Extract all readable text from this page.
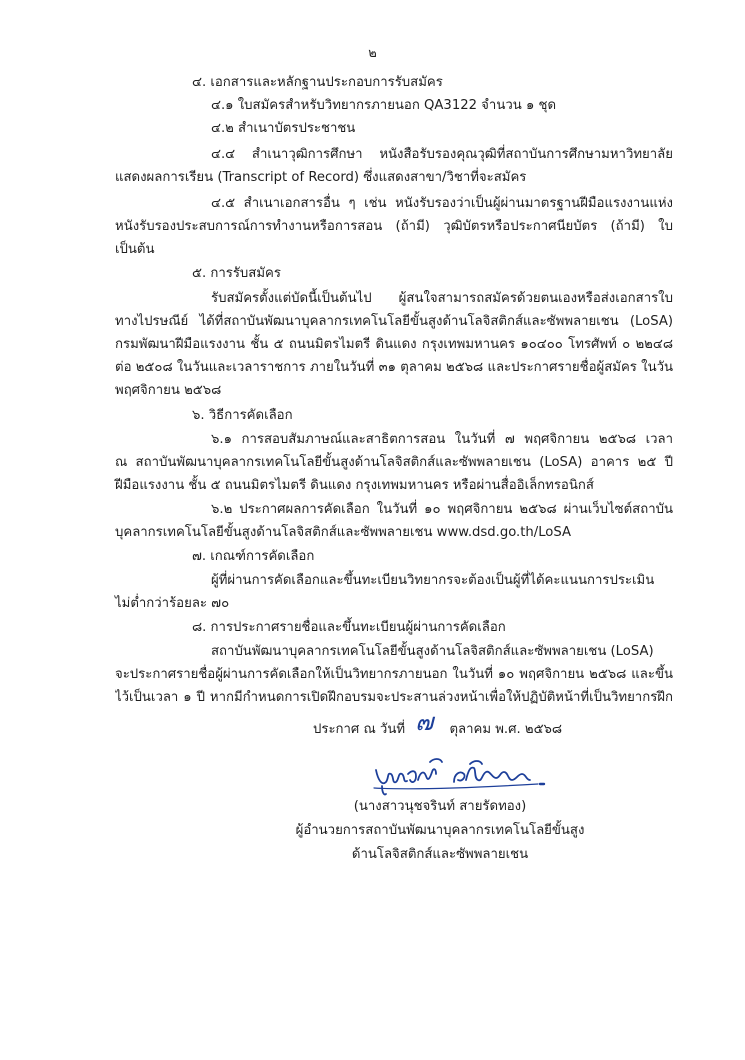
๒
๔. เอกสารและหลักฐานประกอบการรับสมัคร
๔.๑ ใบสมัครสำหรับวิทยากรภายนอก QA3122 จำนวน ๑ ชุด
๔.๒ สำเนาบัตรประชาชน
๔.๔ สำเนาวุฒิการศึกษา หนังสือรับรองคุณวุฒิที่สถาบันการศึกษามหาวิทยาลัย
แสดงผลการเรียน (Transcript of Record) ซึ่งแสดงสาขา/วิชาที่จะสมัคร
๔.๕ สำเนาเอกสารอื่น ๆ เช่น หนังรับรองว่าเป็นผู้ผ่านมาตรฐานฝีมือแรงงานแห่ง
หนังรับรองประสบการณ์การทำงานหรือการสอน (ถ้ามี) วุฒิบัตรหรือประกาศนียบัตร (ถ้ามี) ใบ
เป็นต้น
๕. การรับสมัคร
รับสมัครตั้งแต่บัดนี้เป็นต้นไป ผู้สนใจสามารถสมัครด้วยตนเองหรือส่งเอกสารใบ
ทางไปรษณีย์ ได้ที่สถาบันพัฒนาบุคลากรเทคโนโลยีขั้นสูงด้านโลจิสติกส์และซัพพลายเชน (LoSA)
กรมพัฒนาฝีมือแรงงาน ชั้น ๕ ถนนมิตรไมตรี ดินแดง กรุงเทพมหานคร ๑๐๔๐๐ โทรศัพท์ ๐ ๒๒๔๘
ต่อ ๒๕๐๘ ในวันและเวลาราชการ ภายในวันที่ ๓๑ ตุลาคม ๒๕๖๘ และประกาศรายชื่อผู้สมัคร ในวัน
พฤศจิกายน ๒๕๖๘
๖. วิธีการคัดเลือก
๖.๑ การสอบสัมภาษณ์และสาธิตการสอน ในวันที่ ๗ พฤศจิกายน ๒๕๖๘ เวลา
ณ สถาบันพัฒนาบุคลากรเทคโนโลยีขั้นสูงด้านโลจิสติกส์และซัพพลายเชน (LoSA) อาคาร ๒๕ ปี
ฝีมือแรงงาน ชั้น ๕ ถนนมิตรไมตรี ดินแดง กรุงเทพมหานคร หรือผ่านสื่ออิเล็กทรอนิกส์
๖.๒ ประกาศผลการคัดเลือก ในวันที่ ๑๐ พฤศจิกายน ๒๕๖๘ ผ่านเว็บไซต์สถาบัน
บุคลากรเทคโนโลยีขั้นสูงด้านโลจิสติกส์และซัพพลายเชน www.dsd.go.th/LoSA
๗. เกณฑ์การคัดเลือก
ผู้ที่ผ่านการคัดเลือกและขึ้นทะเบียนวิทยากรจะต้องเป็นผู้ที่ได้คะแนนการประเมิน
ไม่ต่ำกว่าร้อยละ ๗๐
๘. การประกาศรายชื่อและขึ้นทะเบียนผู้ผ่านการคัดเลือก
สถาบันพัฒนาบุคลากรเทคโนโลยีขั้นสูงด้านโลจิสติกส์และซัพพลายเชน (LoSA)
จะประกาศรายชื่อผู้ผ่านการคัดเลือกให้เป็นวิทยากรภายนอก ในวันที่ ๑๐ พฤศจิกายน ๒๕๖๘ และขึ้น
ไว้เป็นเวลา ๑ ปี หากมีกำหนดการเปิดฝึกอบรมจะประสานล่วงหน้าเพื่อให้ปฏิบัติหน้าที่เป็นวิทยากรฝึก
ประกาศ ณ วันที่ ๗ ตุลาคม พ.ศ. ๒๕๖๘
(นางสาวนุชจรินท์ สายรัดทอง)
ผู้อำนวยการสถาบันพัฒนาบุคลากรเทคโนโลยีขั้นสูง
ด้านโลจิสติกส์และซัพพลายเชน
